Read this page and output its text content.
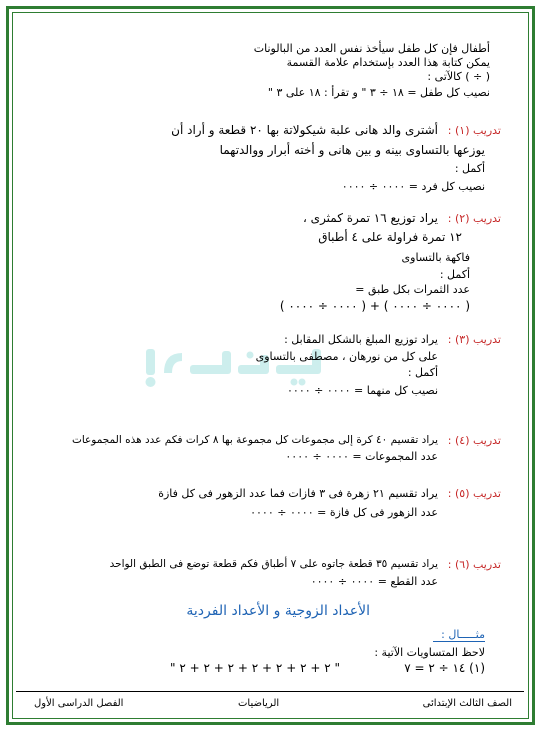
أطفال فإن كل طفل سيأخذ نفس العدد من البالونات
يمكن كتابة هذا العدد بإستخدام علامة القسمة
( ÷ ) كالآتى :
نصيب كل طفل = ١٨ ÷ ٣ " و تقرأ : ١٨ على ٣ "
تدريب (١) :
أشترى والد هانى علبة شيكولاتة بها ٢٠ قطعة و أراد أن
يوزعها بالتساوى بينه و بين هانى و أخته أبرار ووالدتهما
أكمل :
نصيب كل فرد = ٠٠٠٠ ÷ ٠٠٠٠
تدريب (٢) :
يراد توزيع ١٦ تمرة كمثرى ،
١٢ تمرة فراولة على ٤ أطباق
فاكهة بالتساوى
أكمل :
عدد الثمرات بكل طبق =
( ٠٠٠٠ ÷ ٠٠٠٠ ) + ( ٠٠٠٠ ÷ ٠٠٠٠ )
تدريب (٣) :
يراد توزيع المبلغ بالشكل المقابل :
على كل من نورهان ، مصطفى بالتساوى
أكمل :
نصيب كل منهما = ٠٠٠٠ ÷ ٠٠٠٠
تدريب (٤) :
يراد تقسيم ٤٠ كرة إلى مجموعات كل مجموعة بها ٨ كرات فكم عدد هذه المجموعات
عدد المجموعات = ٠٠٠٠ ÷ ٠٠٠٠
تدريب (٥) :
يراد تقسيم ٢١ زهرة فى ٣ فازات فما عدد الزهور فى كل فازة
عدد الزهور فى كل فازة = ٠٠٠٠ ÷ ٠٠٠٠
تدريب (٦) :
يراد تقسيم ٣٥ قطعة جاتوه على ٧ أطباق فكم قطعة توضع فى الطبق الواحد
عدد القطع = ٠٠٠٠ ÷ ٠٠٠٠
الأعداد الزوجية و الأعداد الفردية
مثـــــال :
لاحظ المتساويات الآتية :
(١) ١٤ ÷ ٢ = ٧
" ٢ + ٢ + ٢ + ٢ + ٢ + ٢ + ٢ "
الصف الثالث الإبتدائى
الرياضيات
الفصل الدراسى الأول
